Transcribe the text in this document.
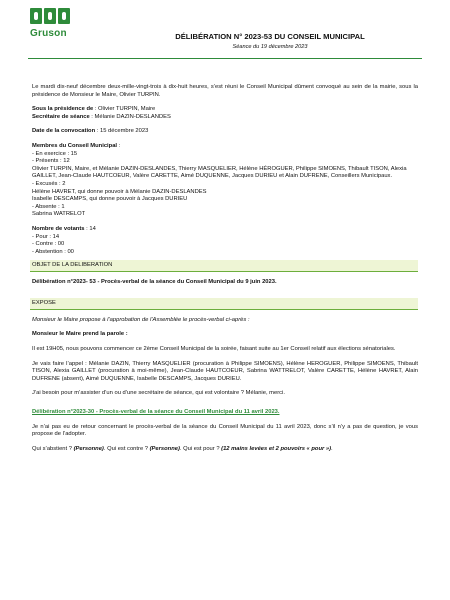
Gruson	DÉLIBÉRATION N° 2023-53 DU CONSEIL MUNICIPAL
Séance du 19 décembre 2023

Le mardi dix-neuf décembre deux-mille-vingt-trois à dix-huit heures, s’est réuni le Conseil Municipal dûment convoqué au sein de la mairie, sous la présidence de Monsieur le Maire, Olivier TURPIN.

Sous la présidence de : Olivier TURPIN, Maire

Secrétaire de séance : Mélanie DAZIN-DESLANDES

Date de la convocation : 15 décembre 2023

Membres du Conseil Municipal :

- En exercice : 15

- Présents : 12

Olivier TURPIN, Maire, et Mélanie DAZIN-DESLANDES, Thierry MASQUELIER, Hélène HÉROGUER, Philippe SIMOENS, Thibault TISON, Alexia GAILLET, Jean-Claude HAUTCOEUR, Valère CARETTE, Aimé DUQUENNE, Jacques DURIEU et Alain DUFRENE, Conseillers Municipaux.

- Excusés : 2

Hélène HAVRET, qui donne pouvoir à Mélanie DAZIN-DESLANDES

Isabelle DESCAMPS, qui donne pouvoir à Jacques DURIEU

- Absente : 1

Sabrina WATRELOT

Nombre de votants : 14

- Pour : 14

- Contre : 00

- Abstention : 00

OBJET DE LA DELIBERATION

Délibération n°2023- 53 - Procès-verbal de la séance du Conseil Municipal du 9 juin 2023.

EXPOSE

Monsieur le Maire propose à l’approbation de l’Assemblée le procès-verbal ci-après :

Monsieur le Maire prend la parole :

Il est 19H05, nous pouvons commencer ce 2ème Conseil Municipal de la soirée, faisant suite au 1er Conseil relatif aux élections sénatoriales.

Je vais faire l’appel : Mélanie DAZIN, Thierry MASQUELIER (procuration à Philippe SIMOENS), Hélène HEROGUER, Philippe SIMOENS, Thibault TISON, Alexia GAILLET (procuration à moi-même), Jean-Claude HAUTCOEUR, Sabrina WATTRELOT, Valère CARETTE, Hélène HAVRET, Alain DUFRENE (absent), Aimé DUQUENNE, Isabelle DESCAMPS, Jacques DURIEU.

J’ai besoin pour m’assister d’un ou d’une secrétaire de séance, qui est volontaire ? Mélanie, merci.

Délibération n°2023-30 - Procès-verbal de la séance du Conseil Municipal du 11 avril 2023.

Je n’ai pas eu de retour concernant le procès-verbal de la séance du Conseil Municipal du 11 avril 2023, donc s’il n’y a pas de question, je vous propose de l’adopter.

Qui s’abstient ? (Personne). Qui est contre ? (Personne). Qui est pour ? (12 mains levées et 2 pouvoirs « pour »).
